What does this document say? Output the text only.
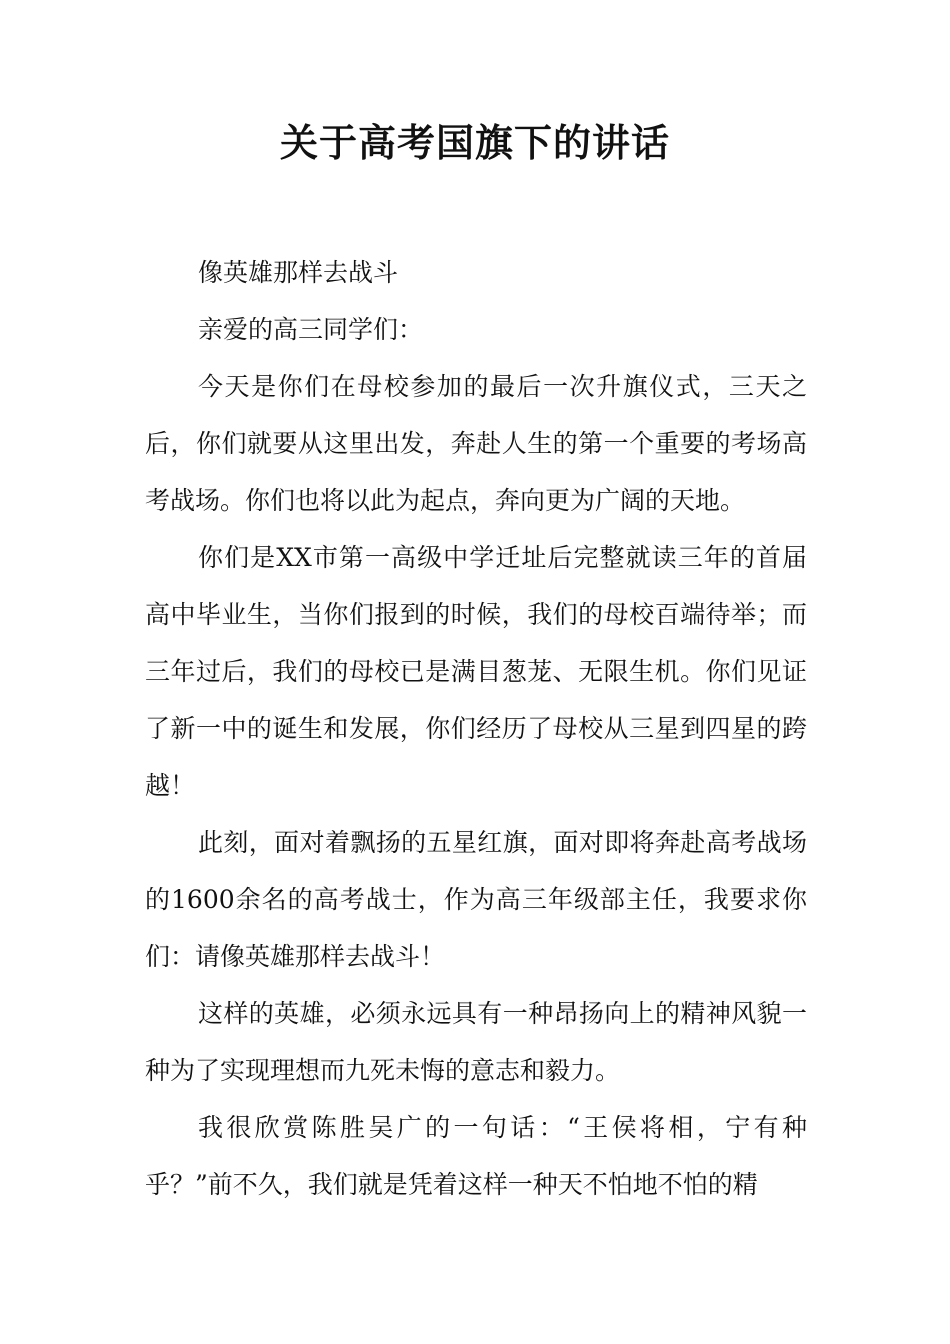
关于高考国旗下的讲话

像英雄那样去战斗

亲爱的高三同学们：

今天是你们在母校参加的最后一次升旗仪式，三天之后，你们就要从这里出发，奔赴人生的第一个重要的考场高考战场。你们也将以此为起点，奔向更为广阔的天地。

你们是XX市第一高级中学迁址后完整就读三年的首届高中毕业生，当你们报到的时候，我们的母校百端待举；而三年过后，我们的母校已是满目葱茏、无限生机。你们见证了新一中的诞生和发展，你们经历了母校从三星到四星的跨越！

此刻，面对着飘扬的五星红旗，面对即将奔赴高考战场的1600余名的高考战士，作为高三年级部主任，我要求你们：请像英雄那样去战斗！

这样的英雄，必须永远具有一种昂扬向上的精神风貌一种为了实现理想而九死未悔的意志和毅力。

我很欣赏陈胜吴广的一句话：“王侯将相，宁有种乎？”前不久，我们就是凭着这样一种天不怕地不怕的精
